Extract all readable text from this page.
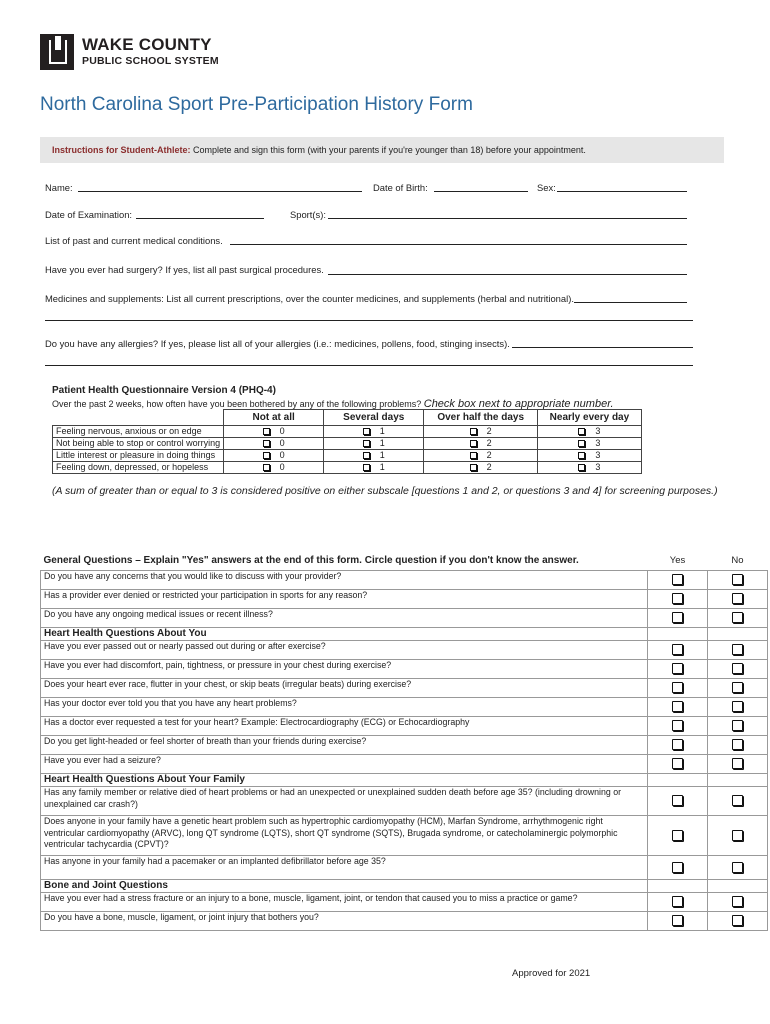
WAKE COUNTY
PUBLIC SCHOOL SYSTEM
North Carolina Sport Pre-Participation History Form
Instructions for Student-Athlete: Complete and sign this form (with your parents if you're younger than 18) before your appointment.
Name:	Date of Birth:	Sex:
Date of Examination:	Sport(s):
List of past and current medical conditions.
Have you ever had surgery? If yes, list all past surgical procedures.
Medicines and supplements: List all current prescriptions, over the counter medicines, and supplements (herbal and nutritional).
Do you have any allergies? If yes, please list all of your allergies (i.e.: medicines, pollens, food, stinging insects).
Patient Health Questionnaire Version 4 (PHQ-4)
Over the past 2 weeks, how often have you been bothered by any of the following problems? Check box next to appropriate number.
	Not at all	Several days	Over half the days	Nearly every day
Feeling nervous, anxious or on edge	0	1	2	3
Not being able to stop or control worrying	0	1	2	3
Little interest or pleasure in doing things	0	1	2	3
Feeling down, depressed, or hopeless	0	1	2	3
(A sum of greater than or equal to 3 is considered positive on either subscale [questions 1 and 2, or questions 3 and 4] for screening purposes.)
General Questions – Explain "Yes" answers at the end of this form. Circle question if you don't know the answer.	Yes	No
Do you have any concerns that you would like to discuss with your provider?		
Has a provider ever denied or restricted your participation in sports for any reason?		
Do you have any ongoing medical issues or recent illness?		
Heart Health Questions About You		
Have you ever passed out or nearly passed out during or after exercise?		
Have you ever had discomfort, pain, tightness, or pressure in your chest during exercise?		
Does your heart ever race, flutter in your chest, or skip beats (irregular beats) during exercise?		
Has your doctor ever told you that you have any heart problems?		
Has a doctor ever requested a test for your heart? Example: Electrocardiography (ECG) or Echocardiography		
Do you get light-headed or feel shorter of breath than your friends during exercise?		
Have you ever had a seizure?		
Heart Health Questions About Your Family		
Has any family member or relative died of heart problems or had an unexpected or unexplained sudden death before age 35? (including drowning or unexplained car crash?)		
Does anyone in your family have a genetic heart problem such as hypertrophic cardiomyopathy (HCM), Marfan Syndrome, arrhythmogenic right ventricular cardiomyopathy (ARVC), long QT syndrome (LQTS), short QT syndrome (SQTS), Brugada syndrome, or catecholaminergic polymorphic ventricular tachycardia (CPVT)?		
Has anyone in your family had a pacemaker or an implanted defibrillator before age 35?		
Bone and Joint Questions		
Have you ever had a stress fracture or an injury to a bone, muscle, ligament, joint, or tendon that caused you to miss a practice or game?		
Do you have a bone, muscle, ligament, or joint injury that bothers you?		
Approved for 2021
